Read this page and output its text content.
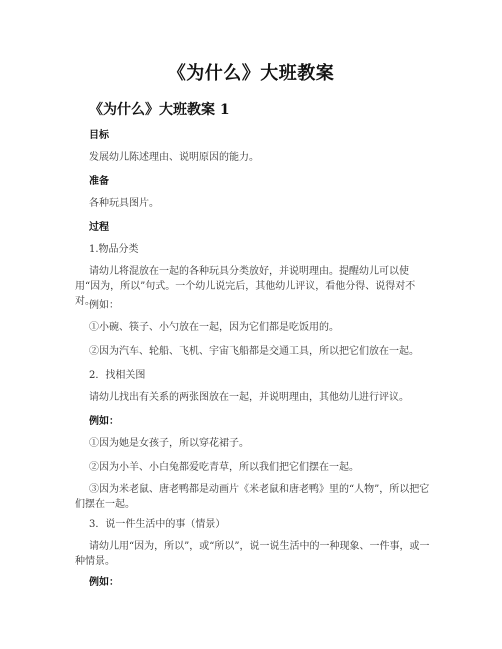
《为什么》大班教案
《为什么》大班教案 1
目标
发展幼儿陈述理由、说明原因的能力。
准备
各种玩具图片。
过程
1.物品分类
请幼儿将混放在一起的各种玩具分类放好，并说明理由。提醒幼儿可以使用“因为，所以”句式。一个幼儿说完后，其他幼儿评议，看他分得、说得对不对。
例如：
①小碗、筷子、小勺放在一起，因为它们都是吃饭用的。
②因为汽车、轮船、飞机、宇宙飞船都是交通工具，所以把它们放在一起。
2．找相关图
请幼儿找出有关系的两张图放在一起，并说明理由，其他幼儿进行评议。
例如：
①因为她是女孩子，所以穿花裙子。
②因为小羊、小白兔都爱吃青草，所以我们把它们摆在一起。
③因为米老鼠、唐老鸭都是动画片《米老鼠和唐老鸭》里的“人物”，所以把它们摆在一起。
3．说一件生活中的事（情景）
请幼儿用“因为，所以”，或“所以”，说一说生活中的一种现象、一件事，或一种情景。
例如：
